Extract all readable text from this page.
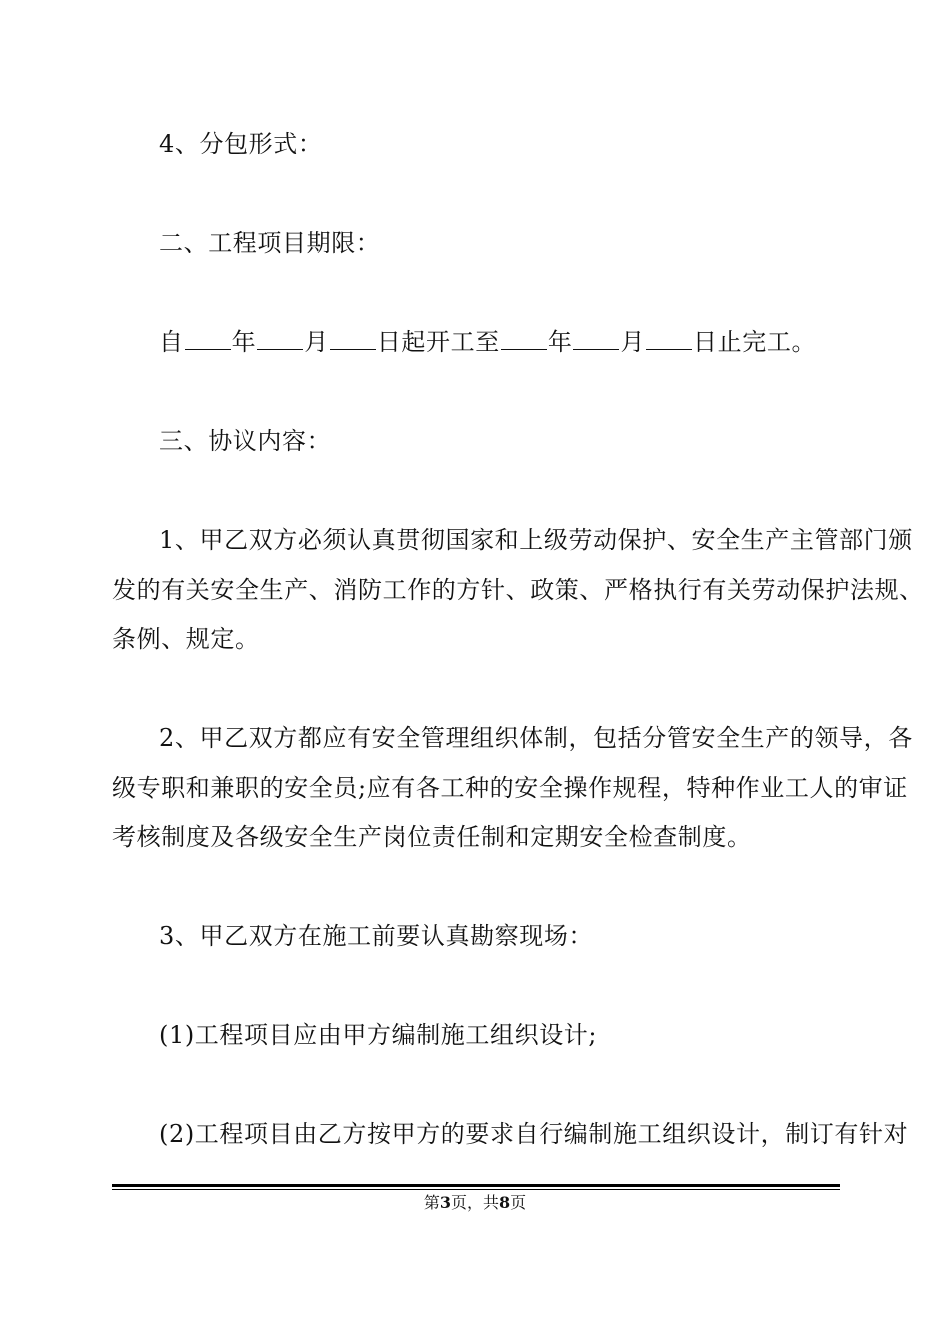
4、分包形式：
二、工程项目期限：
自 年 月 日起开工至 年 月 日止完工。
三、协议内容：
1、甲乙双方必须认真贯彻国家和上级劳动保护、安全生产主管部门颁
发的有关安全生产、消防工作的方针、政策、严格执行有关劳动保护法规、
条例、规定。
2、甲乙双方都应有安全管理组织体制，包括分管安全生产的领导，各
级专职和兼职的安全员;应有各工种的安全操作规程，特种作业工人的审证
考核制度及各级安全生产岗位责任制和定期安全检查制度。
3、甲乙双方在施工前要认真勘察现场：
(1)工程项目应由甲方编制施工组织设计;
(2)工程项目由乙方按甲方的要求自行编制施工组织设计，制订有针对
第3页，共8页
